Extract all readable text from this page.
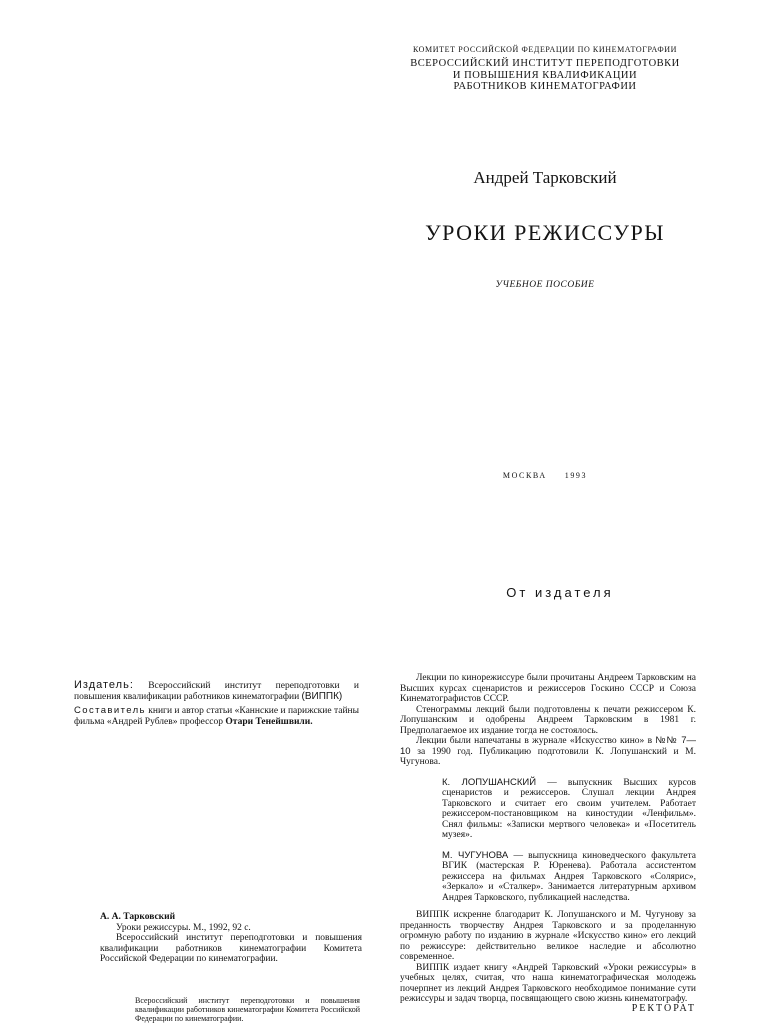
КОМИТЕТ РОССИЙСКОЙ ФЕДЕРАЦИИ ПО КИНЕМАТОГРАФИИ
ВСЕРОССИЙСКИЙ ИНСТИТУТ ПЕРЕПОДГОТОВКИ
И ПОВЫШЕНИЯ КВАЛИФИКАЦИИ
РАБОТНИКОВ КИНЕМАТОГРАФИИ
Андрей Тарковский
УРОКИ РЕЖИССУРЫ
УЧЕБНОЕ ПОСОБИЕ
МОСКВА 1993
От издателя

Издатель: Всероссийский институт переподготовки и повышения квалификации работников кинематографии (ВИППК)

Составитель книги и автор статьи «Каннские и парижские тайны фильма «Андрей Рублев» профессор Отари Тенейшвили.

А. А. Тарковский

Уроки режиссуры. М., 1992, 92 с.

Всероссийский институт переподготовки и повышения квалификации работников кинематографии Комитета Российской Федерации по кинематографии.

Всероссийский институт переподготовки и повышения квалификации работников кинематографии Комитета Российской Федерации по кинематографии.

Лекции по кинорежиссуре были прочитаны Андреем Тарковским на Высших курсах сценаристов и режиссеров Госкино СССР и Союза Кинематографистов СССР.

Стенограммы лекций были подготовлены к печати режиссером К. Лопушанским и одобрены Андреем Тарковским в 1981 г. Предполагаемое их издание тогда не состоялось.

Лекции были напечатаны в журнале «Искусство кино» в №№ 7—10 за 1990 год. Публикацию подготовили К. Лопушанский и М. Чугунова.

К. ЛОПУШАНСКИЙ — выпускник Высших курсов сценаристов и режиссеров. Слушал лекции Андрея Тарковского и считает его своим учителем. Работает режиссером-постановщиком на киностудии «Ленфильм». Снял фильмы: «Записки мертвого человека» и «Посетитель музея».

М. ЧУГУНОВА — выпускница киноведческого факультета ВГИК (мастерская Р. Юренева). Работала ассистентом режиссера на фильмах Андрея Тарковского «Солярис», «Зеркало» и «Сталкер». Занимается литературным архивом Андрея Тарковского, публикацией наследства.

ВИППК искренне благодарит К. Лопушанского и М. Чугунову за преданность творчеству Андрея Тарковского и за проделанную огромную работу по изданию в журнале «Искусство кино» его лекций по режиссуре: действительно великое наследие и абсолютно современное.

ВИППК издает книгу «Андрей Тарковский «Уроки режиссуры» в учебных целях, считая, что наша кинематографическая молодежь почерпнет из лекций Андрея Тарковского необходимое понимание сути режиссуры и задач творца, посвящающего свою жизнь кинематографу.

РЕКТОРАТ
